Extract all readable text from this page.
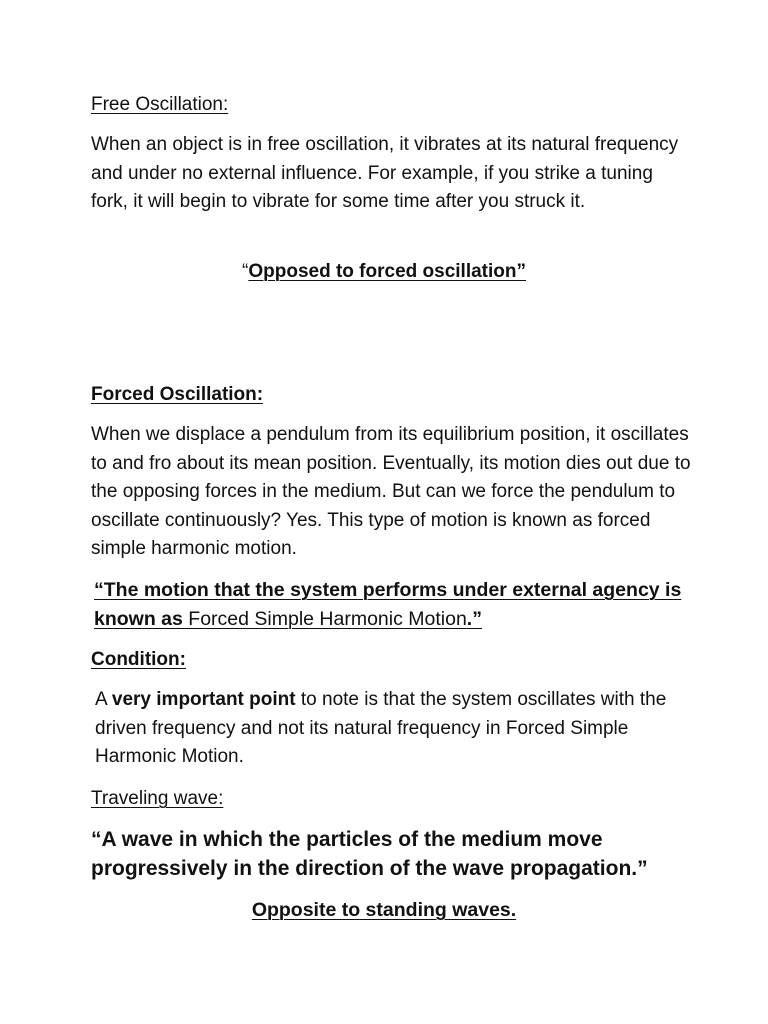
Free Oscillation:

When an object is in free oscillation, it vibrates at its natural frequency and under no external influence. For example, if you strike a tuning fork, it will begin to vibrate for some time after you struck it.

“Opposed to forced oscillation”

Forced Oscillation:

When we displace a pendulum from its equilibrium position, it oscillates to and fro about its mean position. Eventually, its motion dies out due to the opposing forces in the medium. But can we force the pendulum to oscillate continuously? Yes. This type of motion is known as forced simple harmonic motion.

“The motion that the system performs under external agency is known as Forced Simple Harmonic Motion.”

Condition:

A very important point to note is that the system oscillates with the driven frequency and not its natural frequency in Forced Simple Harmonic Motion.

Traveling wave:

“A wave in which the particles of the medium move progressively in the direction of the wave propagation.”

Opposite to standing waves.
